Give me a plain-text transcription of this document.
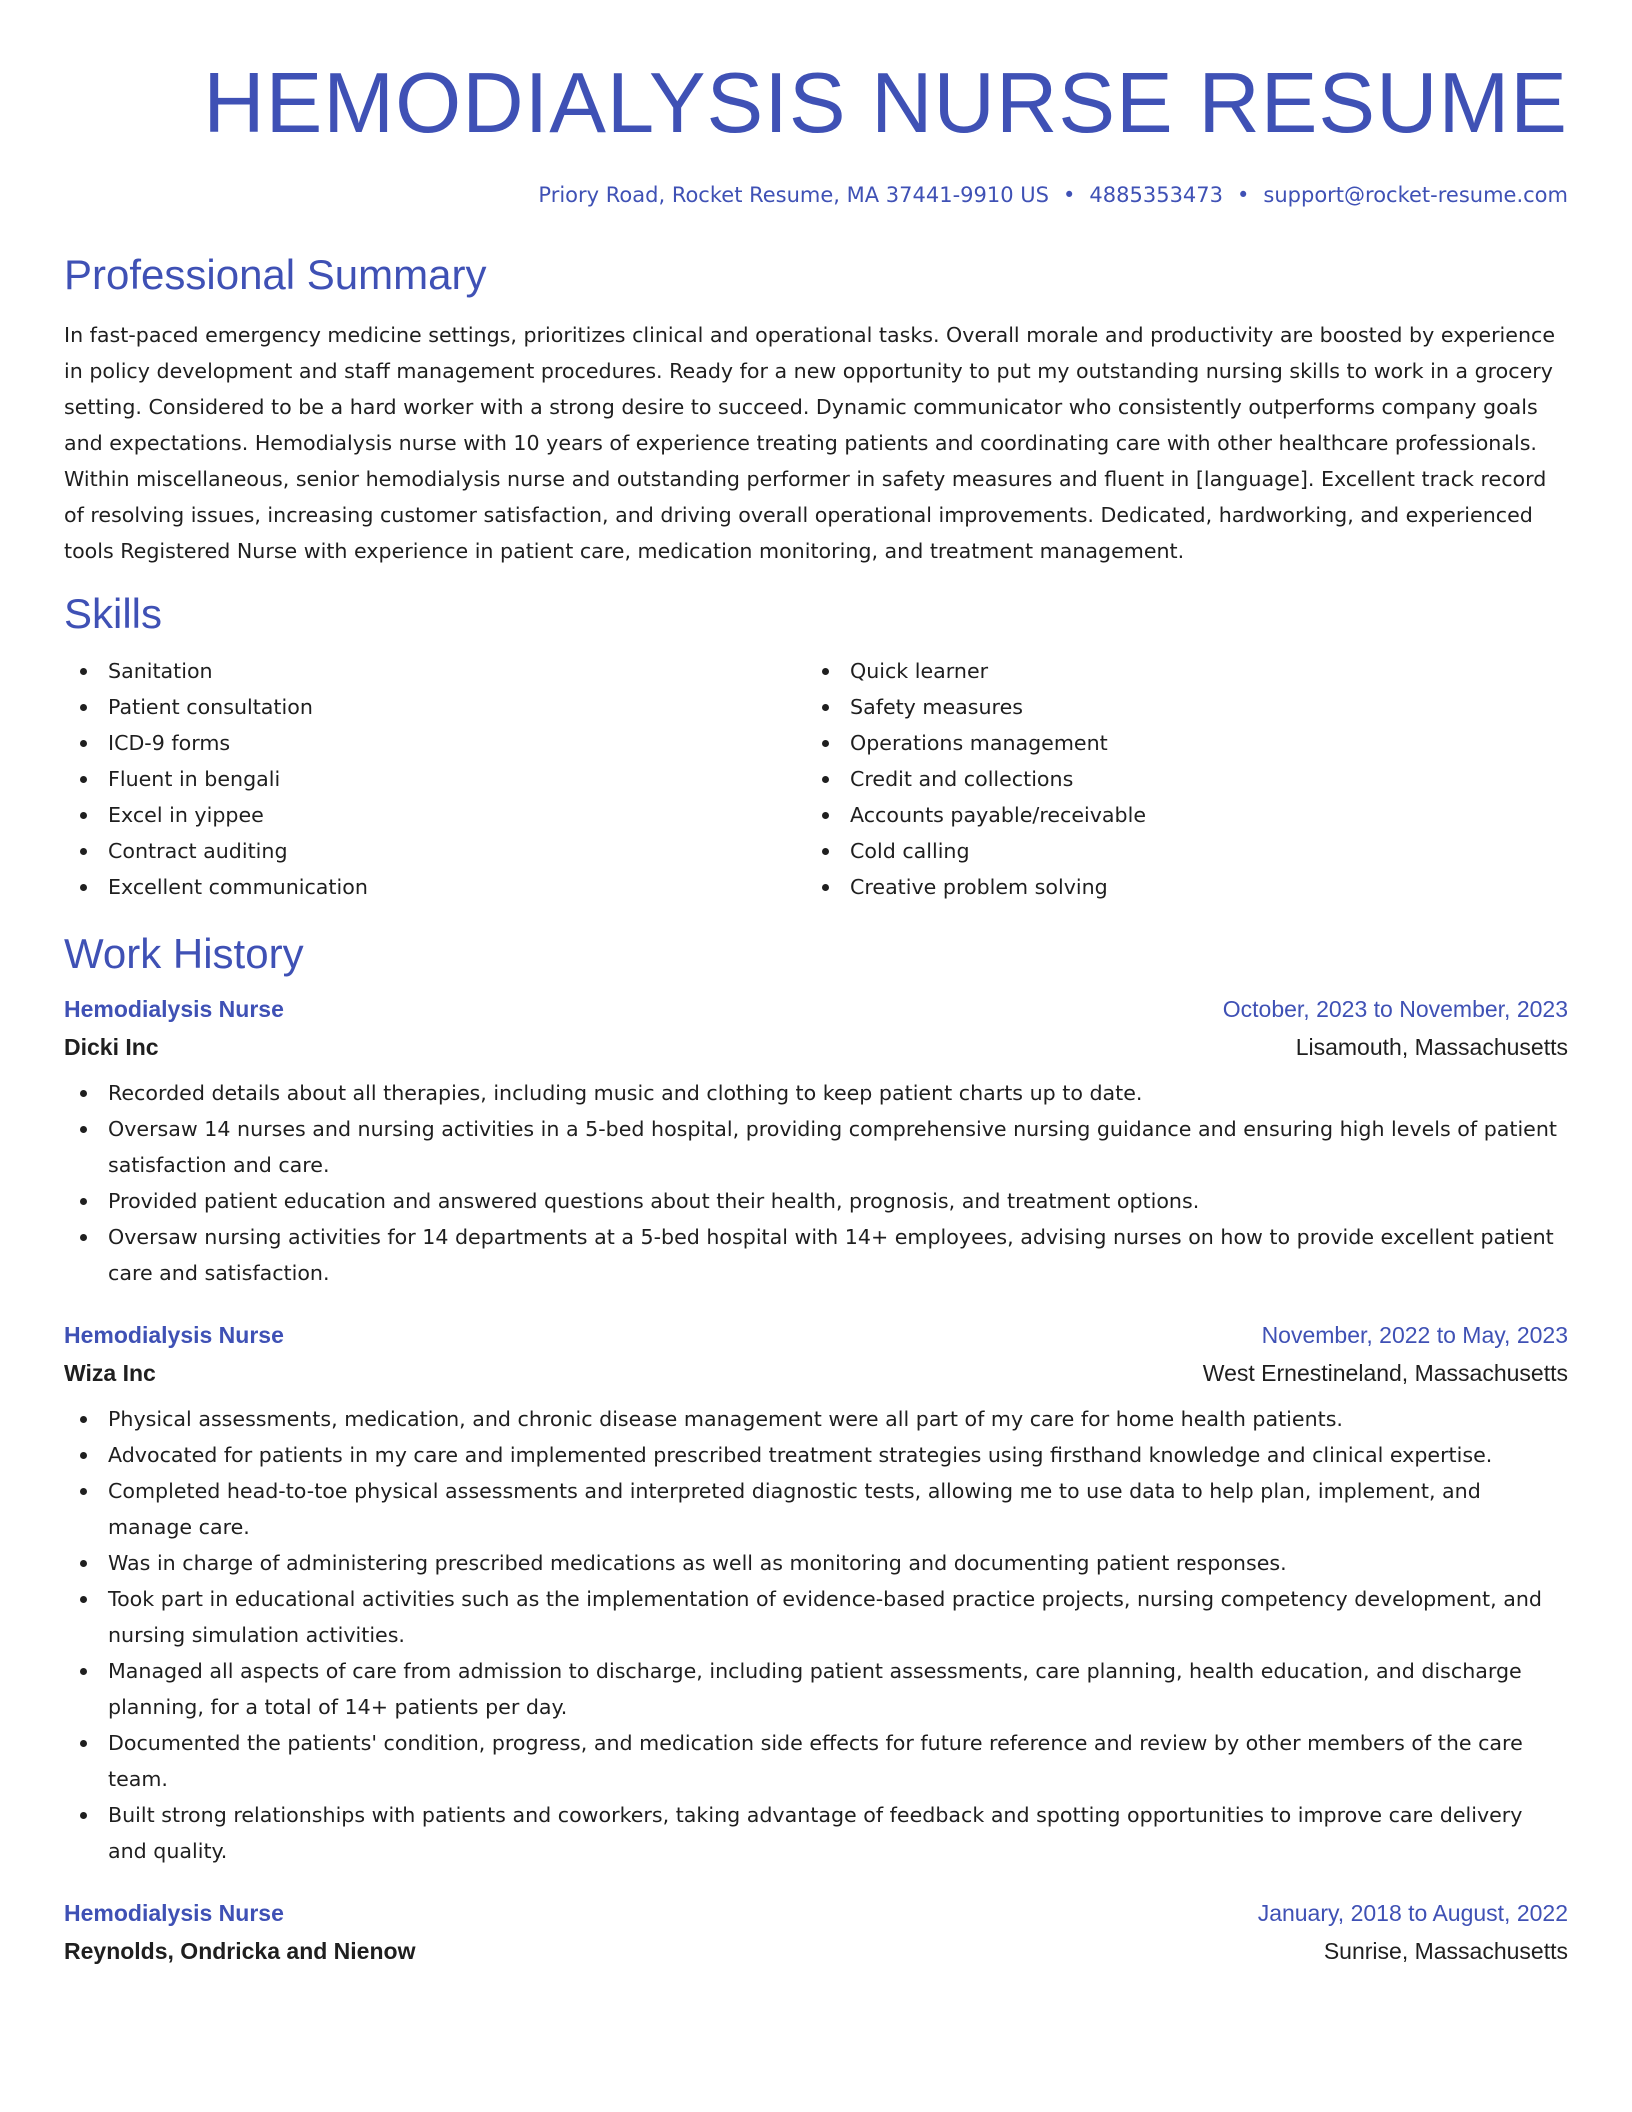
HEMODIALYSIS NURSE RESUME
Priory Road, Rocket Resume, MA 37441-9910 US • 4885353473 • support@rocket-resume.com
Professional Summary
In fast-paced emergency medicine settings, prioritizes clinical and operational tasks. Overall morale and productivity are boosted by experience in policy development and staff management procedures. Ready for a new opportunity to put my outstanding nursing skills to work in a grocery setting. Considered to be a hard worker with a strong desire to succeed. Dynamic communicator who consistently outperforms company goals and expectations. Hemodialysis nurse with 10 years of experience treating patients and coordinating care with other healthcare professionals. Within miscellaneous, senior hemodialysis nurse and outstanding performer in safety measures and fluent in [language]. Excellent track record of resolving issues, increasing customer satisfaction, and driving overall operational improvements. Dedicated, hardworking, and experienced tools Registered Nurse with experience in patient care, medication monitoring, and treatment management.
Skills
Sanitation
Patient consultation
ICD-9 forms
Fluent in bengali
Excel in yippee
Contract auditing
Excellent communication
Quick learner
Safety measures
Operations management
Credit and collections
Accounts payable/receivable
Cold calling
Creative problem solving
Work History
Hemodialysis Nurse	October, 2023 to November, 2023
Dicki Inc	Lisamouth, Massachusetts
Recorded details about all therapies, including music and clothing to keep patient charts up to date.
Oversaw 14 nurses and nursing activities in a 5-bed hospital, providing comprehensive nursing guidance and ensuring high levels of patient satisfaction and care.
Provided patient education and answered questions about their health, prognosis, and treatment options.
Oversaw nursing activities for 14 departments at a 5-bed hospital with 14+ employees, advising nurses on how to provide excellent patient care and satisfaction.
Hemodialysis Nurse	November, 2022 to May, 2023
Wiza Inc	West Ernestineland, Massachusetts
Physical assessments, medication, and chronic disease management were all part of my care for home health patients.
Advocated for patients in my care and implemented prescribed treatment strategies using firsthand knowledge and clinical expertise.
Completed head-to-toe physical assessments and interpreted diagnostic tests, allowing me to use data to help plan, implement, and manage care.
Was in charge of administering prescribed medications as well as monitoring and documenting patient responses.
Took part in educational activities such as the implementation of evidence-based practice projects, nursing competency development, and nursing simulation activities.
Managed all aspects of care from admission to discharge, including patient assessments, care planning, health education, and discharge planning, for a total of 14+ patients per day.
Documented the patients' condition, progress, and medication side effects for future reference and review by other members of the care team.
Built strong relationships with patients and coworkers, taking advantage of feedback and spotting opportunities to improve care delivery and quality.
Hemodialysis Nurse	January, 2018 to August, 2022
Reynolds, Ondricka and Nienow	Sunrise, Massachusetts
